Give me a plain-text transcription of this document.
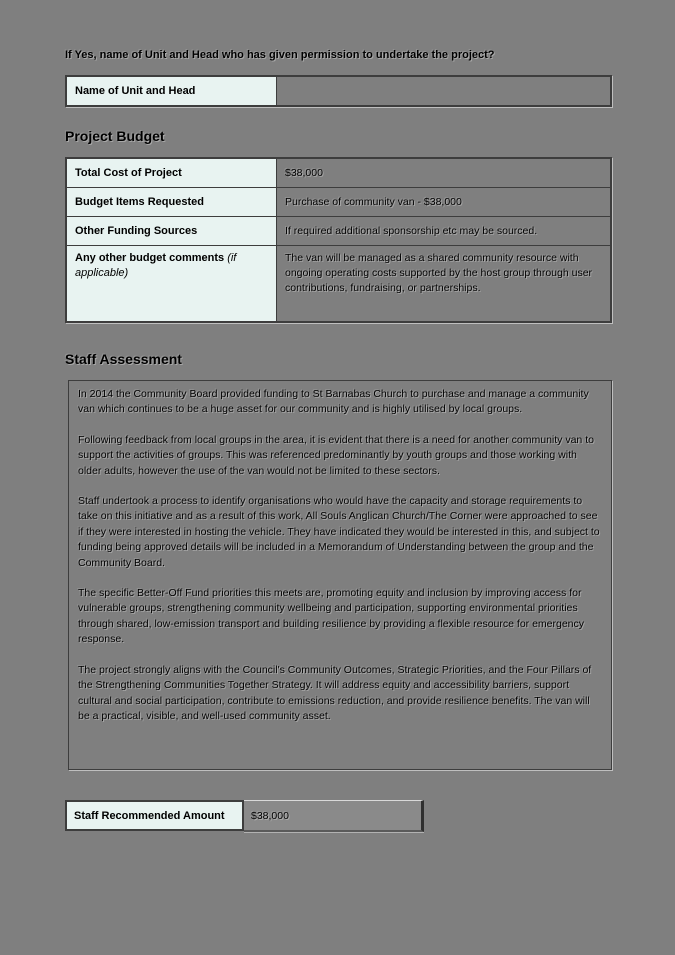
If Yes, name of Unit and Head who has given permission to undertake the project?
Name of Unit and Head	
Project Budget
Total Cost of Project	$38,000
Budget Items Requested	Purchase of community van - $38,000
Other Funding Sources	If required additional sponsorship etc may be sourced.
Any other budget comments (if applicable)	The van will be managed as a shared community resource with ongoing operating costs supported by the host group through user contributions, fundraising, or partnerships.
Staff Assessment

In 2014 the Community Board provided funding to St Barnabas Church to purchase and manage a community van which continues to be a huge asset for our community and is highly utilised by local groups.

Following feedback from local groups in the area, it is evident that there is a need for another community van to support the activities of groups. This was referenced predominantly by youth groups and those working with older adults, however the use of the van would not be limited to these sectors.

Staff undertook a process to identify organisations who would have the capacity and storage requirements to take on this initiative and as a result of this work, All Souls Anglican Church/The Corner were approached to see if they were interested in hosting the vehicle. They have indicated they would be interested in this, and subject to funding being approved details will be included in a Memorandum of Understanding between the group and the Community Board.

The specific Better-Off Fund priorities this meets are, promoting equity and inclusion by improving access for vulnerable groups, strengthening community wellbeing and participation, supporting environmental priorities through shared, low-emission transport and building resilience by providing a flexible resource for emergency response.

The project strongly aligns with the Council's Community Outcomes, Strategic Priorities, and the Four Pillars of the Strengthening Communities Together Strategy. It will address equity and accessibility barriers, support cultural and social participation, contribute to emissions reduction, and provide resilience benefits. The van will be a practical, visible, and well-used community asset.

Staff Recommended Amount	$38,000
